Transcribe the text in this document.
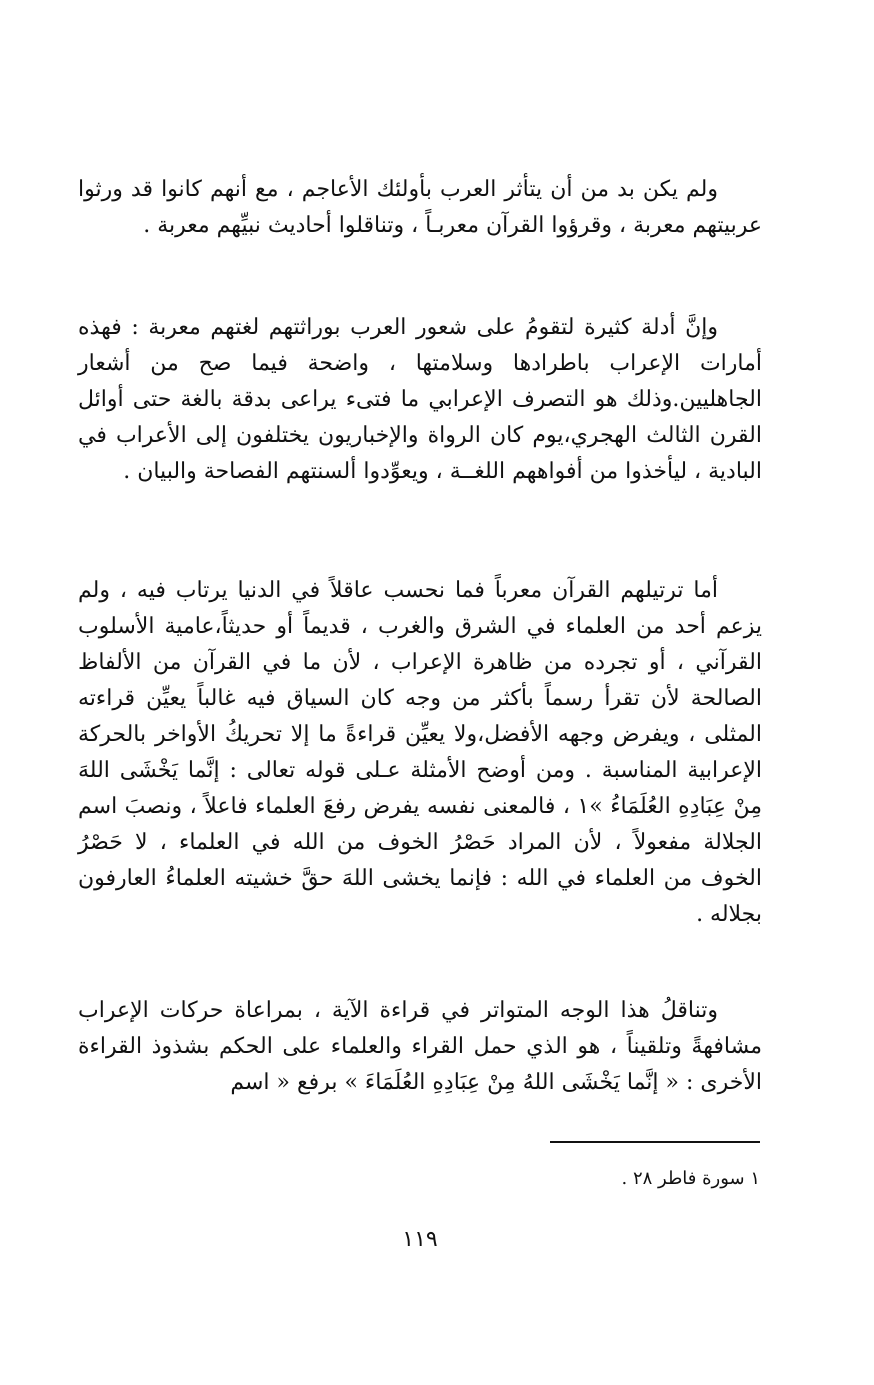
ولم يكن بد من أن يتأثر العرب بأولئك الأعاجم ، مع أنهم كانوا قد ورثوا عربيتهم معربة ، وقرؤوا القرآن معربـاً ، وتناقلوا أحاديث نبيِّهم معربة .

وإنَّ أدلة كثيرة لتقومُ على شعور العرب بوراثتهم لغتهم معربة : فهذه أمارات الإعراب باطرادها وسلامتها ، واضحة فيما صح من أشعار الجاهليين.وذلك هو التصرف الإعرابي ما فتىء يراعى بدقة بالغة حتى أوائل القرن الثالث الهجري،يوم كان الرواة والإخباريون يختلفون إلى الأعراب في البادية ، ليأخذوا من أفواههم اللغــة ، ويعوِّدوا ألسنتهم الفصاحة والبيان .

أما ترتيلهم القرآن معرباً فما نحسب عاقلاً في الدنيا يرتاب فيه ، ولم يزعم أحد من العلماء في الشرق والغرب ، قديماً أو حديثاً،عامية الأسلوب القرآني ، أو تجرده من ظاهرة الإعراب ، لأن ما في القرآن من الألفاظ الصالحة لأن تقرأ رسماً بأكثر من وجه كان السياق فيه غالباً يعيِّن قراءته المثلى ، ويفرض وجهه الأفضل،ولا يعيِّن قراءةً ما إلا تحريكُ الأواخر بالحركة الإعرابية المناسبة . ومن أوضح الأمثلة عـلى قوله تعالى : إنَّما يَخْشَى اللهَ مِنْ عِبَادِهِ العُلَمَاءُ »١ ، فالمعنى نفسه يفرض رفعَ العلماء فاعلاً ، ونصبَ اسم الجلالة مفعولاً ، لأن المراد حَصْرُ الخوف من الله في العلماء ، لا حَصْرُ الخوف من العلماء في الله : فإنما يخشى اللهَ حقَّ خشيته العلماءُ العارفون بجلاله .

وتناقلُ هذا الوجه المتواتر في قراءة الآية ، بمراعاة حركات الإعراب مشافهةً وتلقيناً ، هو الذي حمل القراء والعلماء على الحكم بشذوذ القراءة الأخرى : « إنَّما يَخْشَى اللهُ مِنْ عِبَادِهِ العُلَمَاءَ » برفع « اسم

١ سورة فاطر ٢٨ .
١١٩
